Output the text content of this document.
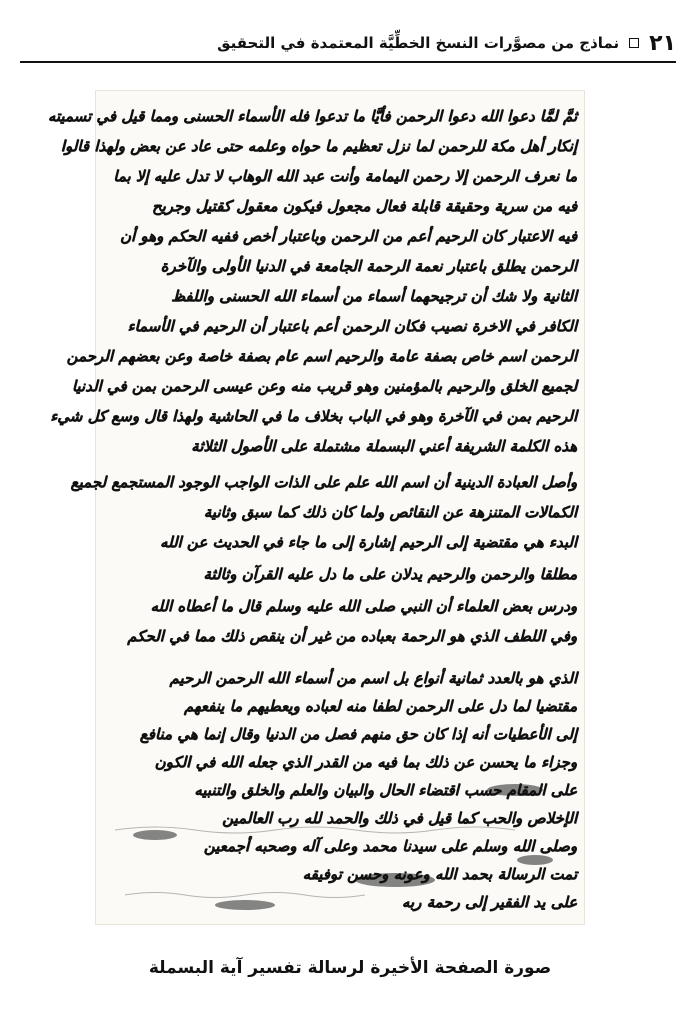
٢١
نماذج من مصوَّرات النسخ الخطِّيَّة المعتمدة في التحقيق
ثمَّ لمَّا دعوا الله دعوا الرحمن فأيَّا ما تدعوا فله الأسماء الحسنى ومما قيل في تسميته
إنكار أهل مكة للرحمن لما نزل تعظيم ما حواه وعلمه حتى عاد عن بعض ولهذا قالوا
ما نعرف الرحمن إلا رحمن اليمامة وأنت عبد الله الوهاب لا تدل عليه إلا بما
فيه من سرية وحقيقة قابلة فعال مجعول فيكون معقول كقتيل وجريح
فيه الاعتبار كان الرحيم أعم من الرحمن وباعتبار أخص ففيه الحكم وهو أن
الرحمن يطلق باعتبار نعمة الرحمة الجامعة في الدنيا الأولى والآخرة
الثانية ولا شك أن ترجيحهما أسماء من أسماء الله الحسنى واللفظ
الكافر في الاخرة نصيب فكان الرحمن أعم باعتبار أن الرحيم في الأسماء
الرحمن اسم خاص بصفة عامة والرحيم اسم عام بصفة خاصة وعن بعضهم الرحمن
لجميع الخلق والرحيم بالمؤمنين وهو قريب منه وعن عيسى الرحمن بمن في الدنيا
الرحيم بمن في الآخرة وهو في الباب بخلاف ما في الحاشية ولهذا قال وسع كل شيء
هذه الكلمة الشريفة أعني البسملة مشتملة على الأصول الثلاثة
وأصل العبادة الدينية أن اسم الله علم على الذات الواجب الوجود المستجمع لجميع
الكمالات المتنزهة عن النقائص ولما كان ذلك كما سبق وثانية
البدء هي مقتضية إلى الرحيم إشارة إلى ما جاء في الحديث عن الله
مطلقا والرحمن والرحيم يدلان على ما دل عليه القرآن وثالثة
ودرس بعض العلماء أن النبي صلى الله عليه وسلم قال ما أعطاه الله
وفي اللطف الذي هو الرحمة بعباده من غير أن ينقص ذلك مما في الحكم
الذي هو بالعدد ثمانية أنواع بل اسم من أسماء الله الرحمن الرحيم
مقتضيا لما دل على الرحمن لطفا منه لعباده ويعطيهم ما ينفعهم
إلى الأعطيات أنه إذا كان حق منهم فصل من الدنيا وقال إنما هي منافع
وجزاء ما يحسن عن ذلك بما فيه من القدر الذي جعله الله في الكون
على المقام حسب اقتضاء الحال والبيان والعلم والخلق والتنبيه
الإخلاص والحب كما قيل في ذلك والحمد لله رب العالمين
وصلى الله وسلم على سيدنا محمد وعلى آله وصحبه أجمعين
تمت الرسالة بحمد الله وعونه وحسن توفيقه
على يد الفقير إلى رحمة ربه
صورة الصفحة الأخيرة لرسالة تفسير آية البسملة
